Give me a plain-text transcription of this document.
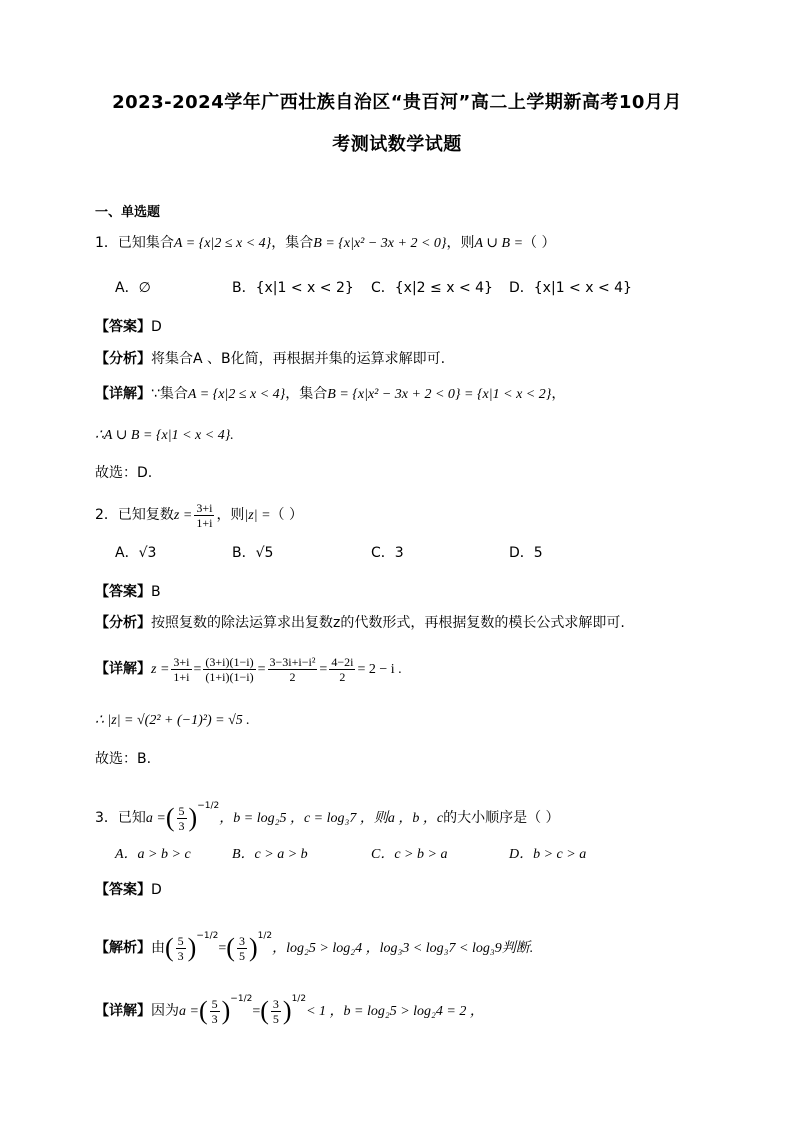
2023-2024学年广西壮族自治区“贵百河”高二上学期新高考10月月
考测试数学试题
一、单选题
1．已知集合A = {x|2 ≤ x < 4}，集合B = {x|x² − 3x + 2 < 0}，则A ∪ B =（ ）
A．∅	B．{x|1 < x < 2} C．{x|2 ≤ x < 4} D．{x|1 < x < 4}
【答案】D
【分析】将集合A 、B化简，再根据并集的运算求解即可.
【详解】∵集合A = {x|2 ≤ x < 4}，集合B = {x|x² − 3x + 2 < 0} = {x|1 < x < 2}，
∴A ∪ B = {x|1 < x < 4}.
故选：D.
2．已知复数$z = \frac{3+i}{1+i}$ ，则|z| =（ ）
A．√3	B．√5	C．3	D．5
【答案】B
【分析】按照复数的除法运算求出复数z的代数形式，再根据复数的模长公式求解即可.
【详解】$z = \frac{3+i}{1+i} = \frac{(3+i)(1-i)}{(1+i)(1-i)} = \frac{\text{3−3i+i−i²}}{2} = \frac{4-2i}{2} = 2 - i$ .
∴ |z| = √(2² + (−1)²) = √5 .
故选：B.
3．已知a =( $\frac{5}{3} )^{-1/2}$，b = log₂5 ，c = log₃7 ，则a ，b ，c的大小顺序是（ ）
A．a > b > c	B．c > a > b	C．c > b > a	D．b > c > a
【答案】D
【解析】由( $\frac{5}{3} )^{-1/2}=( \frac{3}{5} )^{1/2}$，log₂5 > log₂4 ，log₃3 < log₃7 < log₃9判断.
【详解】因为a =( $\frac{5}{3} )^{-1/2}=( \frac{3}{5} )^{1/2}< 1$ ，b = log₂5 > log₂4 = 2 ，
